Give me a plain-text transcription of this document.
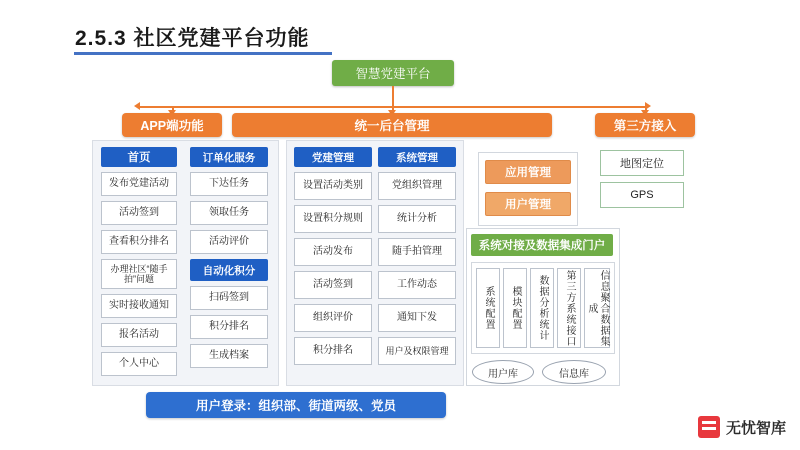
2.5.3 社区党建平台功能
智慧党建平台
APP端功能	统一后台管理	第三方接入
首页
发布党建活动
活动签到
查看积分排名
办理社区“随手拍”问题
实时接收通知
报名活动
个人中心
订单化服务
下达任务
领取任务
活动评价
自动化积分
扫码签到
积分排名
生成档案
党建管理
设置活动类别
设置积分规则
活动发布
活动签到
组织评价
积分排名
系统管理
党组织管理
统计分析
随手拍管理
工作动态
通知下发
用户及权限管理
应用管理
用户管理
系统对接及数据集成门户
系统配置	模块配置	数据分析统计	第三方系统接口	信息聚合数据集成
用户库	信息库
地图定位
GPS
用户登录：组织部、街道两级、党员
无忧智库
